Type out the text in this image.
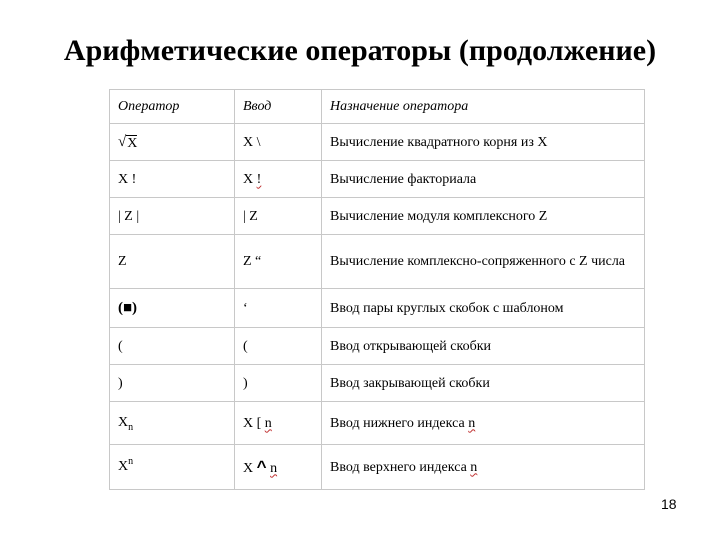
Арифметические операторы (продолжение)
Оператор	Ввод	Назначение оператора

√ X	X \	Вычисление квадратного корня из X
X !	X !	Вычисление факториала
| Z |	| Z	Вычисление модуля комплексного Z
Z	Z “	Вычисление комплексно-сопряженного с Z числа
(■)	‘	Ввод пары круглых скобок с шаблоном
(	(	Ввод открывающей скобки
)	)	Ввод закрывающей скобки
$X_n$	X [ n	Ввод нижнего индекса n
$X^n$	X ^ n	Ввод верхнего индекса n
18
